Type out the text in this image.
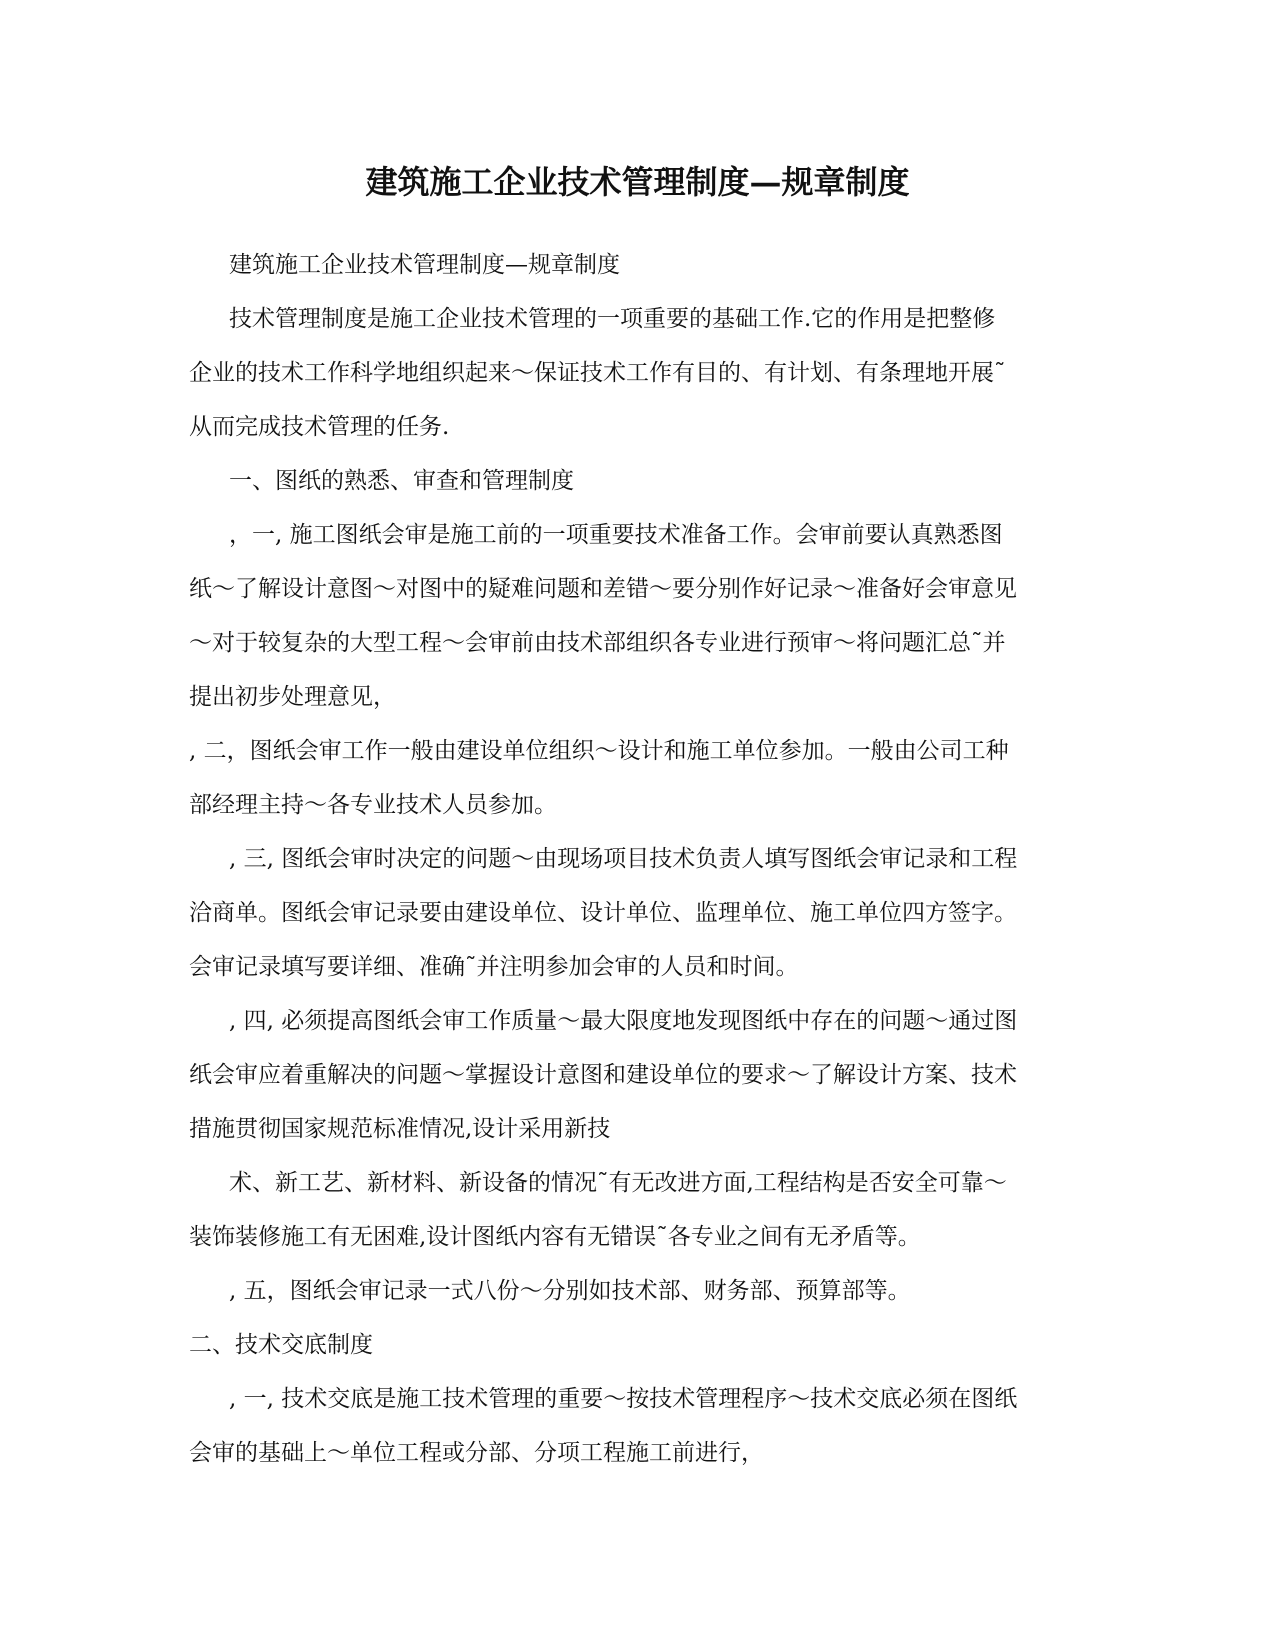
建筑施工企业技术管理制度—规章制度

建筑施工企业技术管理制度—规章制度

技术管理制度是施工企业技术管理的一项重要的基础工作.它的作用是把整修

企业的技术工作科学地组织起来～保证技术工作有目的、有计划、有条理地开展˜

从而完成技术管理的任务.

一、图纸的熟悉、审查和管理制度

，一, 施工图纸会审是施工前的一项重要技术准备工作。会审前要认真熟悉图

纸～了解设计意图～对图中的疑难问题和差错～要分别作好记录～准备好会审意见

～对于较复杂的大型工程～会审前由技术部组织各专业进行预审～将问题汇总˜并

提出初步处理意见，

, 二，图纸会审工作一般由建设单位组织～设计和施工单位参加。一般由公司工种

部经理主持～各专业技术人员参加。

, 三, 图纸会审时决定的问题～由现场项目技术负责人填写图纸会审记录和工程

洽商单。图纸会审记录要由建设单位、设计单位、监理单位、施工单位四方签字。

会审记录填写要详细、准确˜并注明参加会审的人员和时间。

, 四, 必须提高图纸会审工作质量～最大限度地发现图纸中存在的问题～通过图

纸会审应着重解决的问题～掌握设计意图和建设单位的要求～了解设计方案、技术

措施贯彻国家规范标准情况,设计采用新技

术、新工艺、新材料、新设备的情况˜有无改进方面,工程结构是否安全可靠～

装饰装修施工有无困难,设计图纸内容有无错误˜各专业之间有无矛盾等。

, 五，图纸会审记录一式八份～分别如技术部、财务部、预算部等。

二、技术交底制度

, 一, 技术交底是施工技术管理的重要～按技术管理程序～技术交底必须在图纸

会审的基础上～单位工程或分部、分项工程施工前进行，
